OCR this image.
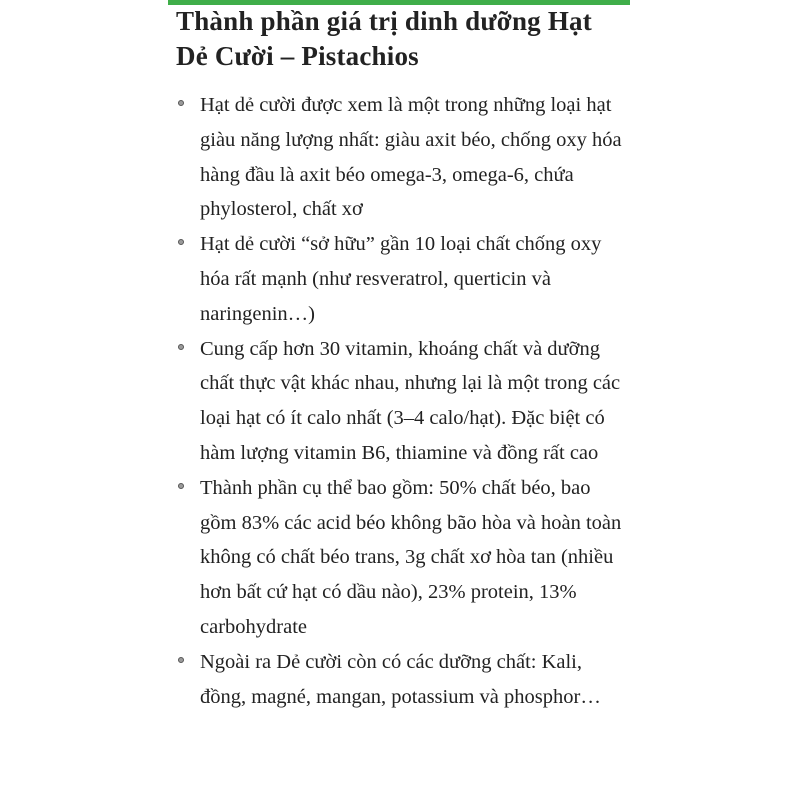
Thành phần giá trị dinh dưỡng Hạt Dẻ Cười – Pistachios
Hạt dẻ cười được xem là một trong những loại hạt giàu năng lượng nhất: giàu axit béo, chống oxy hóa hàng đầu là axit béo omega-3, omega-6, chứa phylosterol, chất xơ
Hạt dẻ cười “sở hữu” gần 10 loại chất chống oxy hóa rất mạnh (như resveratrol, querticin và naringenin…)
Cung cấp hơn 30 vitamin, khoáng chất và dưỡng chất thực vật khác nhau, nhưng lại là một trong các loại hạt có ít calo nhất (3–4 calo/hạt). Đặc biệt có hàm lượng vitamin B6, thiamine và đồng rất cao
Thành phần cụ thể bao gồm: 50% chất béo, bao gồm 83% các acid béo không bão hòa và hoàn toàn không có chất béo trans, 3g chất xơ hòa tan (nhiều hơn bất cứ hạt có dầu nào), 23% protein, 13% carbohydrate
Ngoài ra Dẻ cười còn có các dưỡng chất: Kali, đồng, magné, mangan, potassium và phosphor…
